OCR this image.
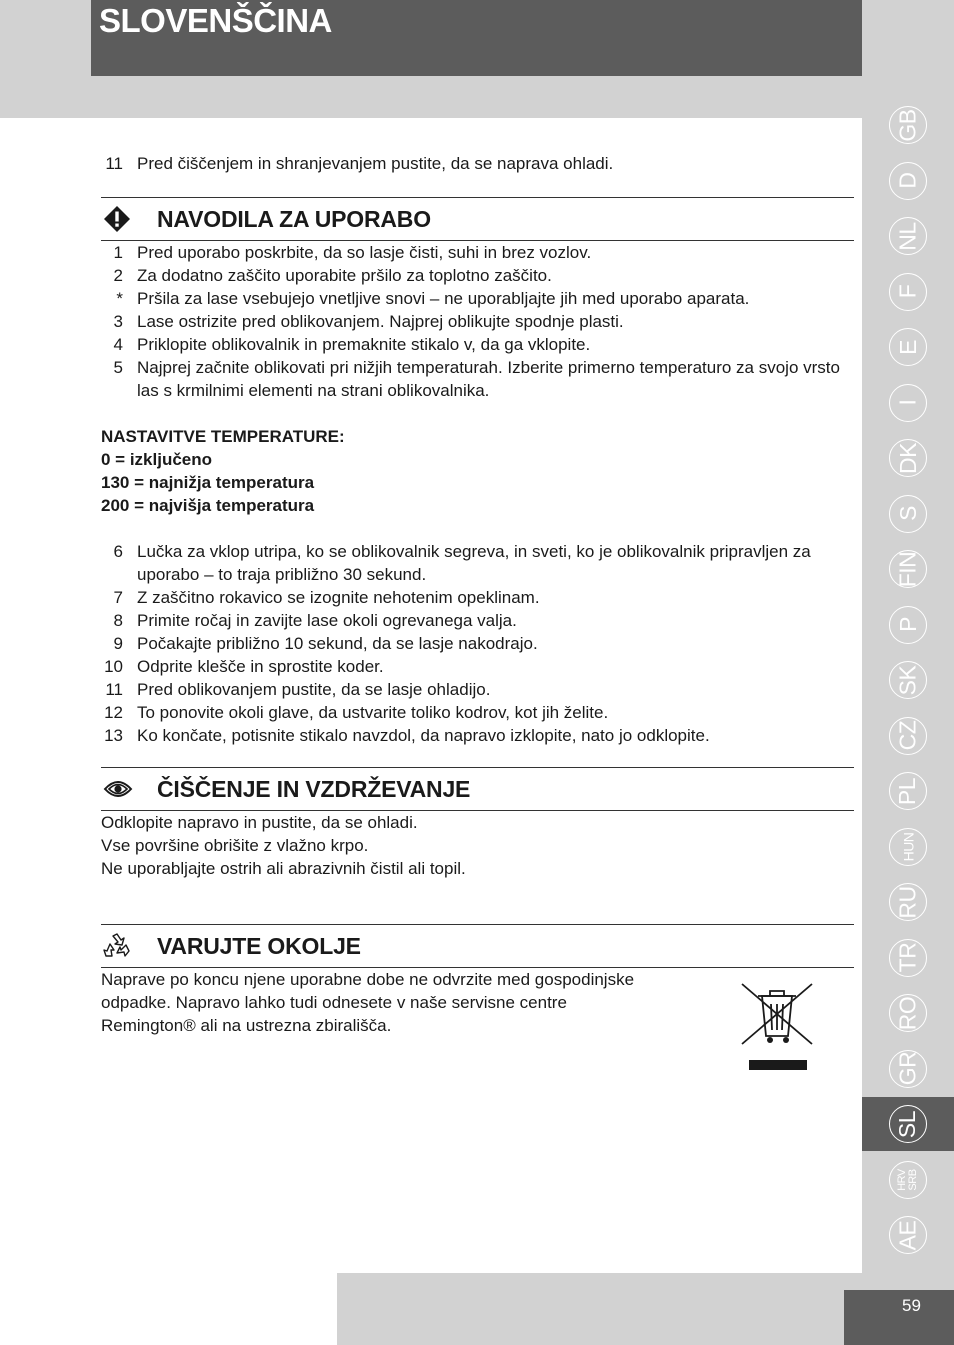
SLOVENŠČINA
11 Pred čiščenjem in shranjevanjem pustite, da se naprava ohladi.
NAVODILA ZA UPORABO
1 Pred uporabo poskrbite, da so lasje čisti, suhi in brez vozlov.
2 Za dodatno zaščito uporabite pršilo za toplotno zaščito.
* Pršila za lase vsebujejo vnetljive snovi – ne uporabljajte jih med uporabo aparata.
3 Lase ostrizite pred oblikovanjem. Najprej oblikujte spodnje plasti.
4 Priklopite oblikovalnik in premaknite stikalo v, da ga vklopite.
5 Najprej začnite oblikovati pri nižjih temperaturah. Izberite primerno temperaturo za svojo vrsto las s krmilnimi elementi na strani oblikovalnika.
NASTAVITVE TEMPERATURE:
0 = izključeno
130 = najnižja temperatura
200 = najvišja temperatura
6 Lučka za vklop utripa, ko se oblikovalnik segreva, in sveti, ko je oblikovalnik pripravljen za uporabo – to traja približno 30 sekund.
7 Z zaščitno rokavico se izognite nehotenim opeklinam.
8 Primite ročaj in zavijte lase okoli ogrevanega valja.
9 Počakajte približno 10 sekund, da se lasje nakodrajo.
10 Odprite klešče in sprostite koder.
11 Pred oblikovanjem pustite, da se lasje ohladijo.
12 To ponovite okoli glave, da ustvarite toliko kodrov, kot jih želite.
13 Ko končate, potisnite stikalo navzdol, da napravo izklopite, nato jo odklopite.
ČIŠČENJE IN VZDRŽEVANJE
Odklopite napravo in pustite, da se ohladi.
Vse površine obrišite z vlažno krpo.
Ne uporabljajte ostrih ali abrazivnih čistil ali topil.
VARUJTE OKOLJE
Naprave po koncu njene uporabne dobe ne odvrzite med gospodinjske
odpadke. Napravo lahko tudi odnesete v naše servisne centre
Remington® ali na ustrezna zbirališča.
GB
D
NL
F
E
I
DK
S
FIN
P
SK
CZ
PL
HUN
RU
TR
RO
GR
SL
HRV
SRB
AE
59
